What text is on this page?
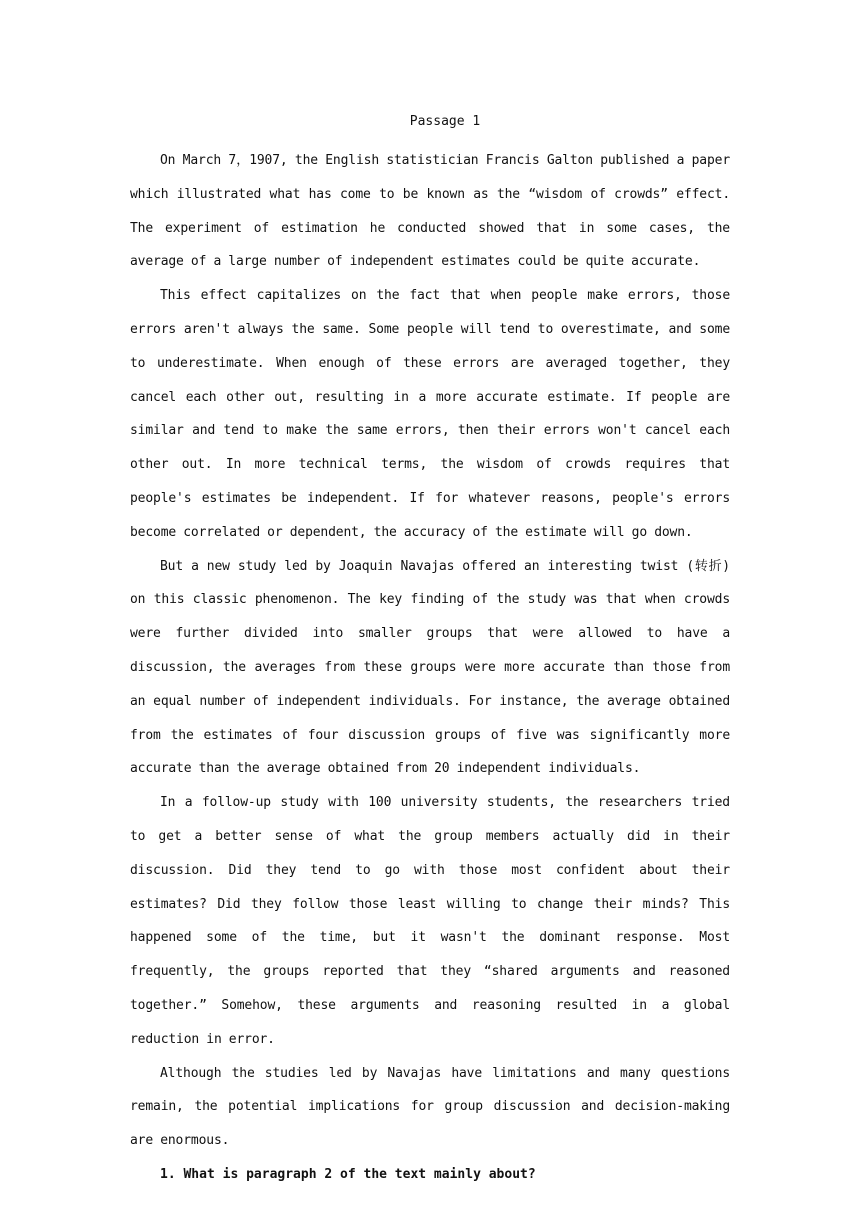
Passage 1

On March 7，1907, the English statistician Francis Galton published a paper which illustrated what has come to be known as the “wisdom of crowds” effect. The experiment of estimation he conducted showed that in some cases, the average of a large number of independent estimates could be quite accurate.

This effect capitalizes on the fact that when people make errors, those errors aren't always the same. Some people will tend to overestimate, and some to underestimate. When enough of these errors are averaged together, they cancel each other out, resulting in a more accurate estimate. If people are similar and tend to make the same errors, then their errors won't cancel each other out. In more technical terms, the wisdom of crowds requires that people's estimates be independent. If for whatever reasons, people's errors become correlated or dependent, the accuracy of the estimate will go down.

But a new study led by Joaquin Navajas offered an interesting twist (转折) on this classic phenomenon. The key finding of the study was that when crowds were further divided into smaller groups that were allowed to have a discussion, the averages from these groups were more accurate than those from an equal number of independent individuals. For instance, the average obtained from the estimates of four discussion groups of five was significantly more accurate than the average obtained from 20 independent individuals.

In a follow-up study with 100 university students, the researchers tried to get a better sense of what the group members actually did in their discussion. Did they tend to go with those most confident about their estimates? Did they follow those least willing to change their minds? This happened some of the time, but it wasn't the dominant response. Most frequently, the groups reported that they “shared arguments and reasoned together.” Somehow, these arguments and reasoning resulted in a global reduction in error.

Although the studies led by Navajas have limitations and many questions remain, the potential implications for group discussion and decision-making are enormous.

1. What is paragraph 2 of the text mainly about?
